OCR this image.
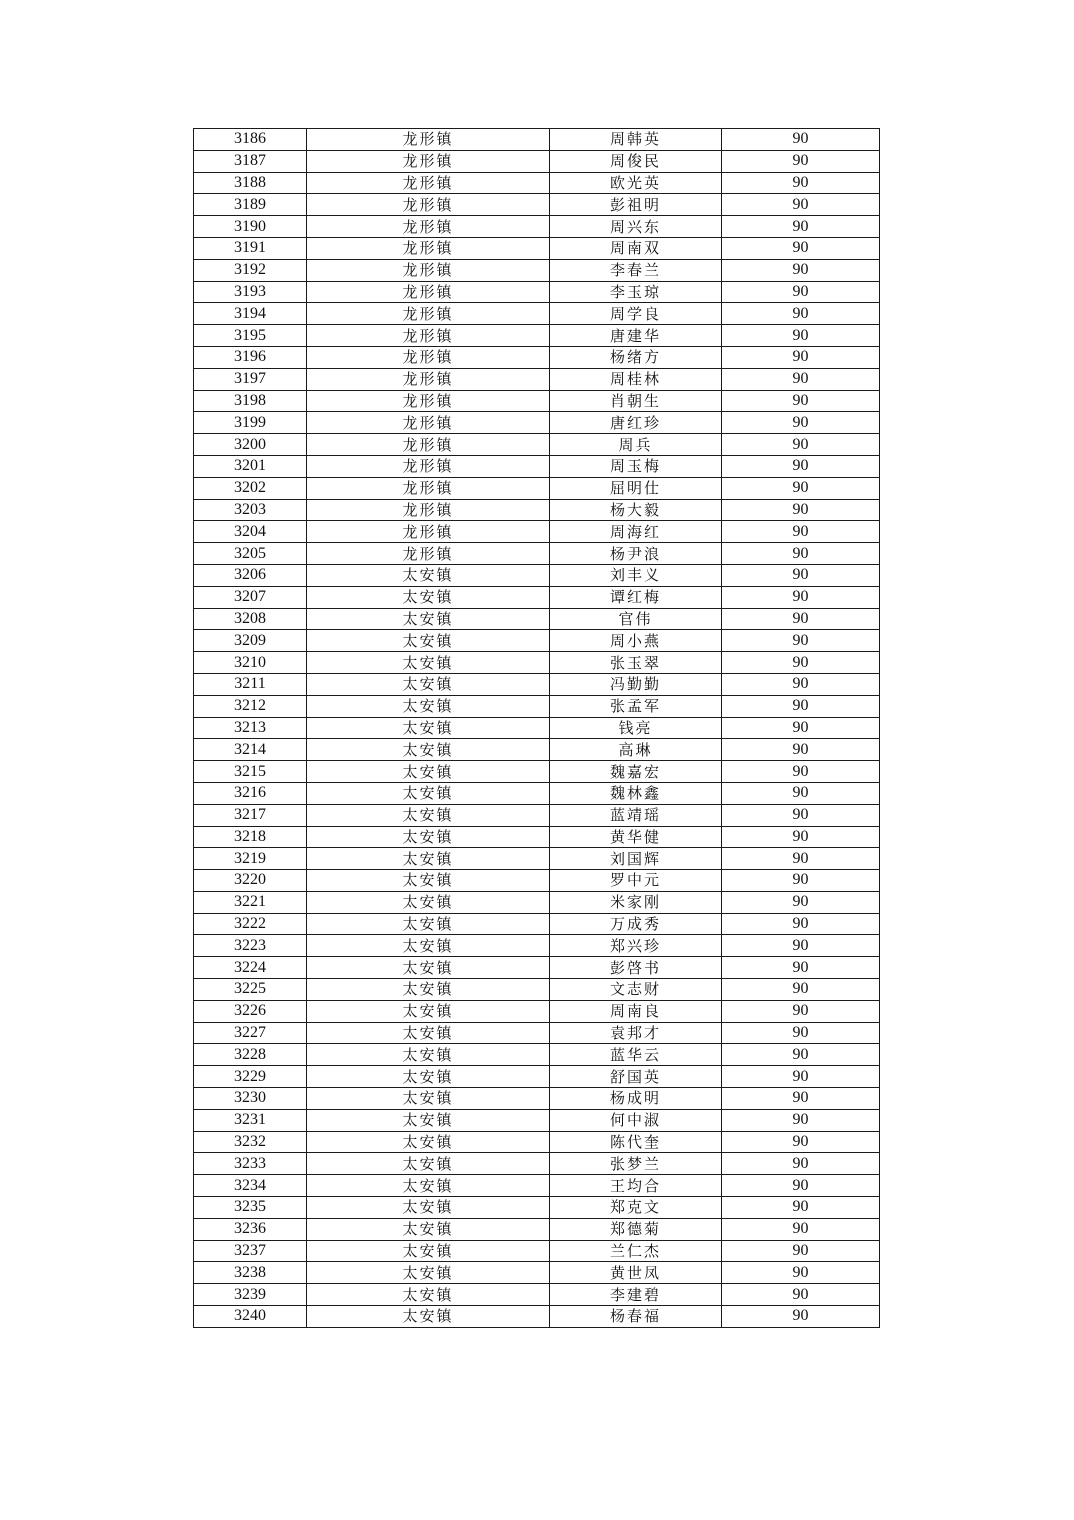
3186	龙形镇	周韩英	90
3187	龙形镇	周俊民	90
3188	龙形镇	欧光英	90
3189	龙形镇	彭祖明	90
3190	龙形镇	周兴东	90
3191	龙形镇	周南双	90
3192	龙形镇	李春兰	90
3193	龙形镇	李玉琼	90
3194	龙形镇	周学良	90
3195	龙形镇	唐建华	90
3196	龙形镇	杨绪方	90
3197	龙形镇	周桂林	90
3198	龙形镇	肖朝生	90
3199	龙形镇	唐红珍	90
3200	龙形镇	周兵	90
3201	龙形镇	周玉梅	90
3202	龙形镇	屈明仕	90
3203	龙形镇	杨大毅	90
3204	龙形镇	周海红	90
3205	龙形镇	杨尹浪	90
3206	太安镇	刘丰义	90
3207	太安镇	谭红梅	90
3208	太安镇	官伟	90
3209	太安镇	周小燕	90
3210	太安镇	张玉翠	90
3211	太安镇	冯勤勤	90
3212	太安镇	张孟军	90
3213	太安镇	钱亮	90
3214	太安镇	高琳	90
3215	太安镇	魏嘉宏	90
3216	太安镇	魏林鑫	90
3217	太安镇	蓝靖瑶	90
3218	太安镇	黄华健	90
3219	太安镇	刘国辉	90
3220	太安镇	罗中元	90
3221	太安镇	米家刚	90
3222	太安镇	万成秀	90
3223	太安镇	郑兴珍	90
3224	太安镇	彭啓书	90
3225	太安镇	文志财	90
3226	太安镇	周南良	90
3227	太安镇	袁邦才	90
3228	太安镇	蓝华云	90
3229	太安镇	舒国英	90
3230	太安镇	杨成明	90
3231	太安镇	何中淑	90
3232	太安镇	陈代奎	90
3233	太安镇	张梦兰	90
3234	太安镇	王均合	90
3235	太安镇	郑克文	90
3236	太安镇	郑德菊	90
3237	太安镇	兰仁杰	90
3238	太安镇	黄世凤	90
3239	太安镇	李建碧	90
3240	太安镇	杨春福	90
